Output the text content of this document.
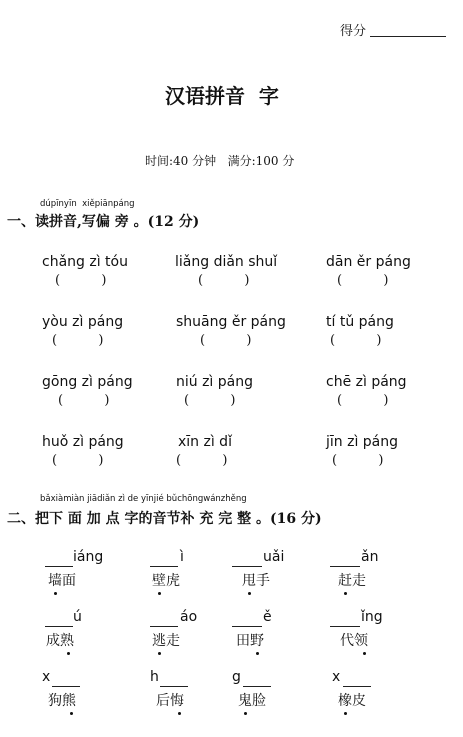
得分
汉语拼音  字
时间:40 分钟   满分:100 分
dúpīnyīn  xiěpiānpáng
一、读拼音,写偏 旁 。(12 分)
chǎng zì tóu
(          )
liǎng diǎn shuǐ
(          )
dān ěr páng
(          )
yòu zì páng
(          )
shuāng ěr páng
(          )
tí tǔ páng
(          )
gōng zì páng
(          )
niú zì páng
(          )
chē zì páng
(          )
huǒ zì páng
(          )
xīn zì dǐ
(          )
jīn zì páng
(          )
bǎxiàmiàn jiādiǎn zì de yīnjié bǔchōngwánzhěng
二、把下 面 加 点 字的音节补 充 完 整 。(16 分)
iáng
墙面
ì
壁虎
uǎi
甩手
ǎn
赶走
ú
成熟
áo
逃走
ě
田野
ǐng
代领
x
狗熊
h
后悔
g
鬼脸
x
橡皮
